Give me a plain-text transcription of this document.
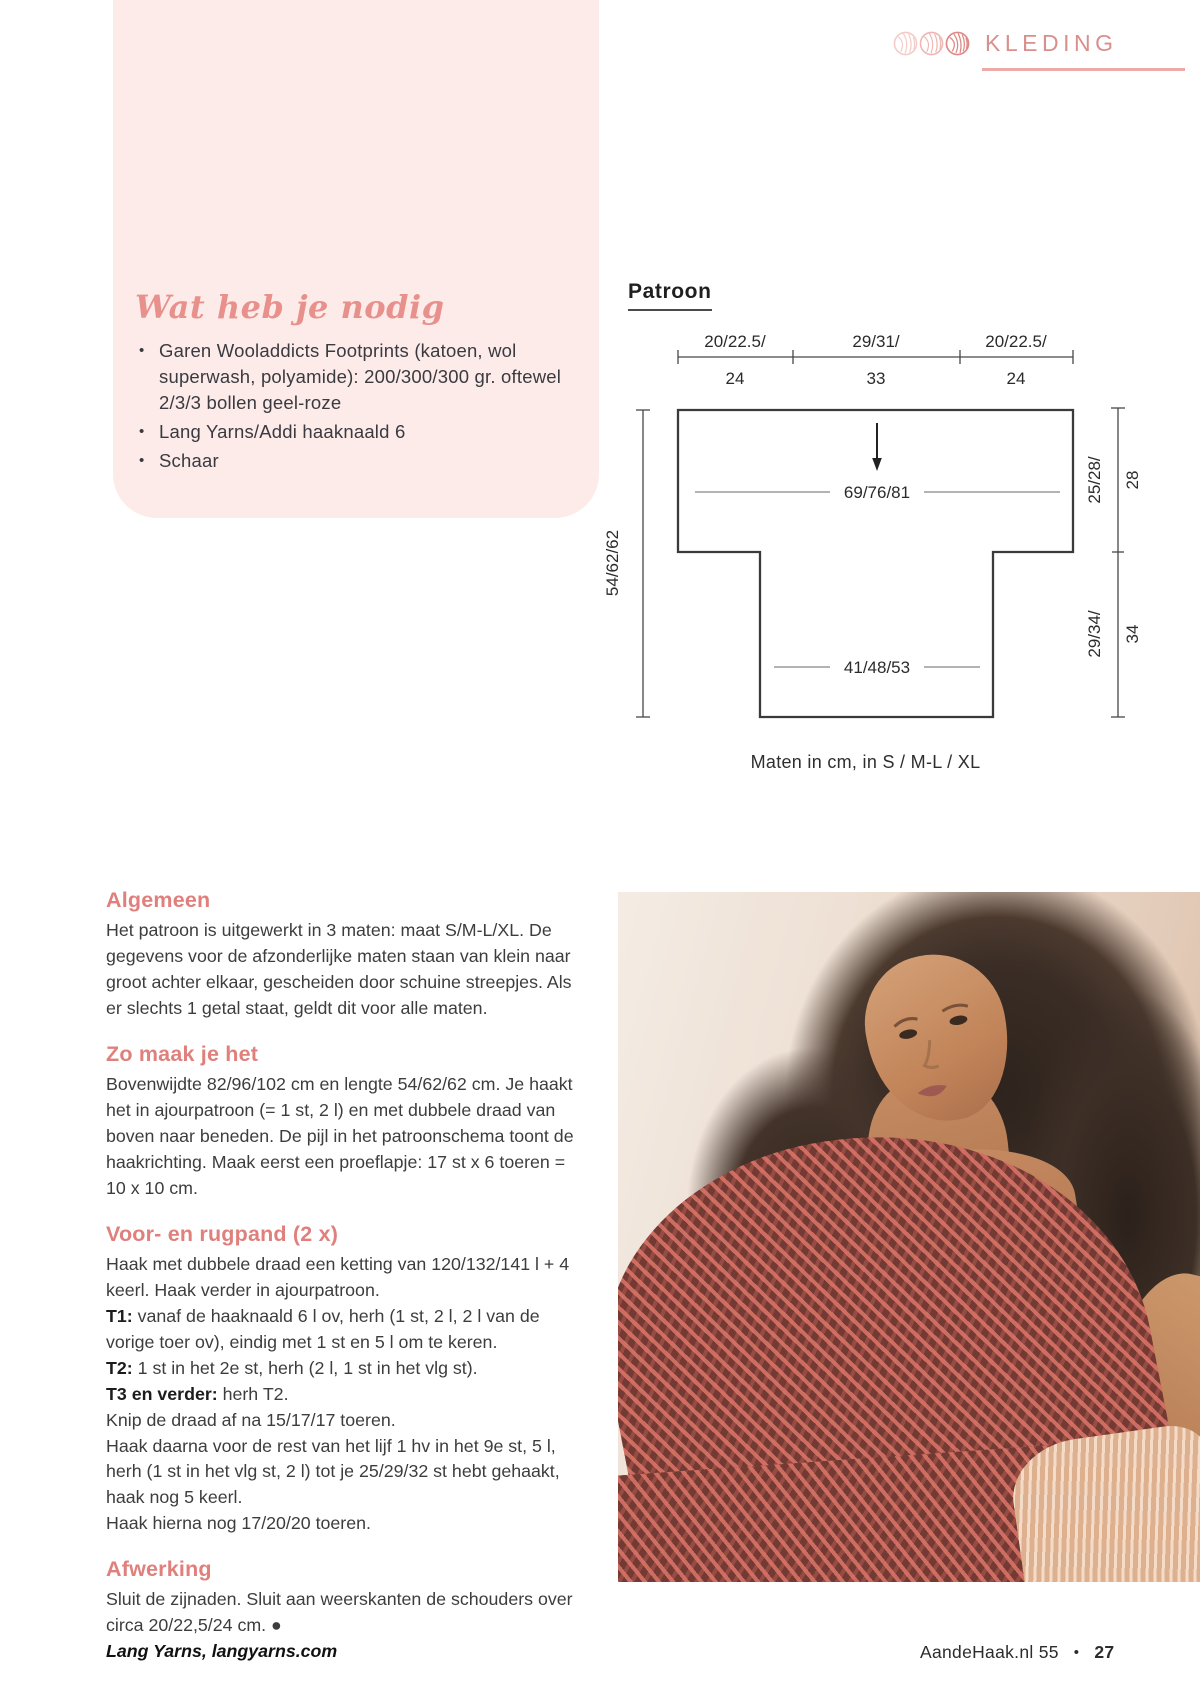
KLEDING
Wat heb je nodig
• Garen Wooladdicts Footprints (katoen, wol superwash, polyamide): 200/300/300 gr. oftewel 2/3/3 bollen geel-roze
• Lang Yarns/Addi haaknaald 6
• Schaar
Patroon
20/22.5/	29/31/	20/22.5/
24	33	24
69/76/81
41/48/53
54/62/62
25/28/ 28
29/34/ 34
Maten in cm, in S / M-L / XL
Algemeen

Het patroon is uitgewerkt in 3 maten: maat S/M-L/XL. De gegevens voor de afzonderlijke maten staan van klein naar groot achter elkaar, gescheiden door schuine streepjes. Als er slechts 1 getal staat, geldt dit voor alle maten.

Zo maak je het

Bovenwijdte 82/96/102 cm en lengte 54/62/62 cm. Je haakt het in ajourpatroon (= 1 st, 2 l) en met dubbele draad van boven naar beneden. De pijl in het patroonschema toont de haakrichting. Maak eerst een proeflapje: 17 st x 6 toeren = 10 x 10 cm.

Voor- en rugpand (2 x)

Haak met dubbele draad een ketting van 120/132/141 l + 4 keerl. Haak verder in ajourpatroon.

T1: vanaf de haaknaald 6 l ov, herh (1 st, 2 l, 2 l van de vorige toer ov), eindig met 1 st en 5 l om te keren.

T2: 1 st in het 2e st, herh (2 l, 1 st in het vlg st).

T3 en verder: herh T2.

Knip de draad af na 15/17/17 toeren.

Haak daarna voor de rest van het lijf 1 hv in het 9e st, 5 l, herh (1 st in het vlg st, 2 l) tot je 25/29/32 st hebt gehaakt, haak nog 5 keerl.

Haak hierna nog 17/20/20 toeren.

Afwerking

Sluit de zijnaden. Sluit aan weerskanten de schouders over circa 20/22,5/24 cm. ●

Lang Yarns, langyarns.com	AandeHaak.nl 55 • 27
